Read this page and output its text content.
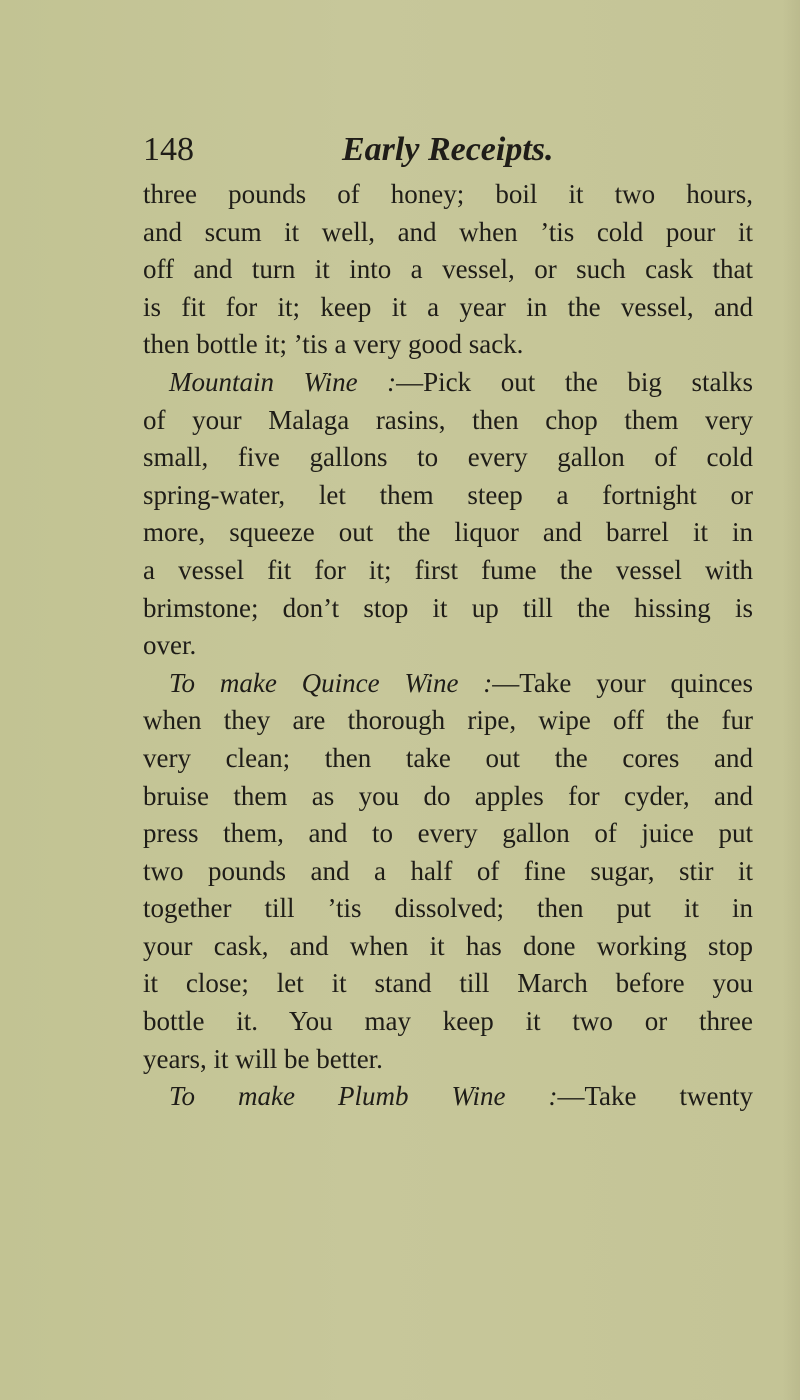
148	Early Receipts.
three pounds of honey; boil it two hours,
and scum it well, and when ’tis cold pour it
off and turn it into a vessel, or such cask that
is fit for it; keep it a year in the vessel, and
then bottle it; ’tis a very good sack.
Mountain Wine :—Pick out the big stalks
of your Malaga rasins, then chop them very
small, five gallons to every gallon of cold
spring-water, let them steep a fortnight or
more, squeeze out the liquor and barrel it in
a vessel fit for it; first fume the vessel with
brimstone; don’t stop it up till the hissing is
over.
To make Quince Wine :—Take your quinces
when they are thorough ripe, wipe off the fur
very clean; then take out the cores and
bruise them as you do apples for cyder, and
press them, and to every gallon of juice put
two pounds and a half of fine sugar, stir it
together till ’tis dissolved; then put it in
your cask, and when it has done working stop
it close; let it stand till March before you
bottle it. You may keep it two or three
years, it will be better.
To make Plumb Wine :—Take twenty
